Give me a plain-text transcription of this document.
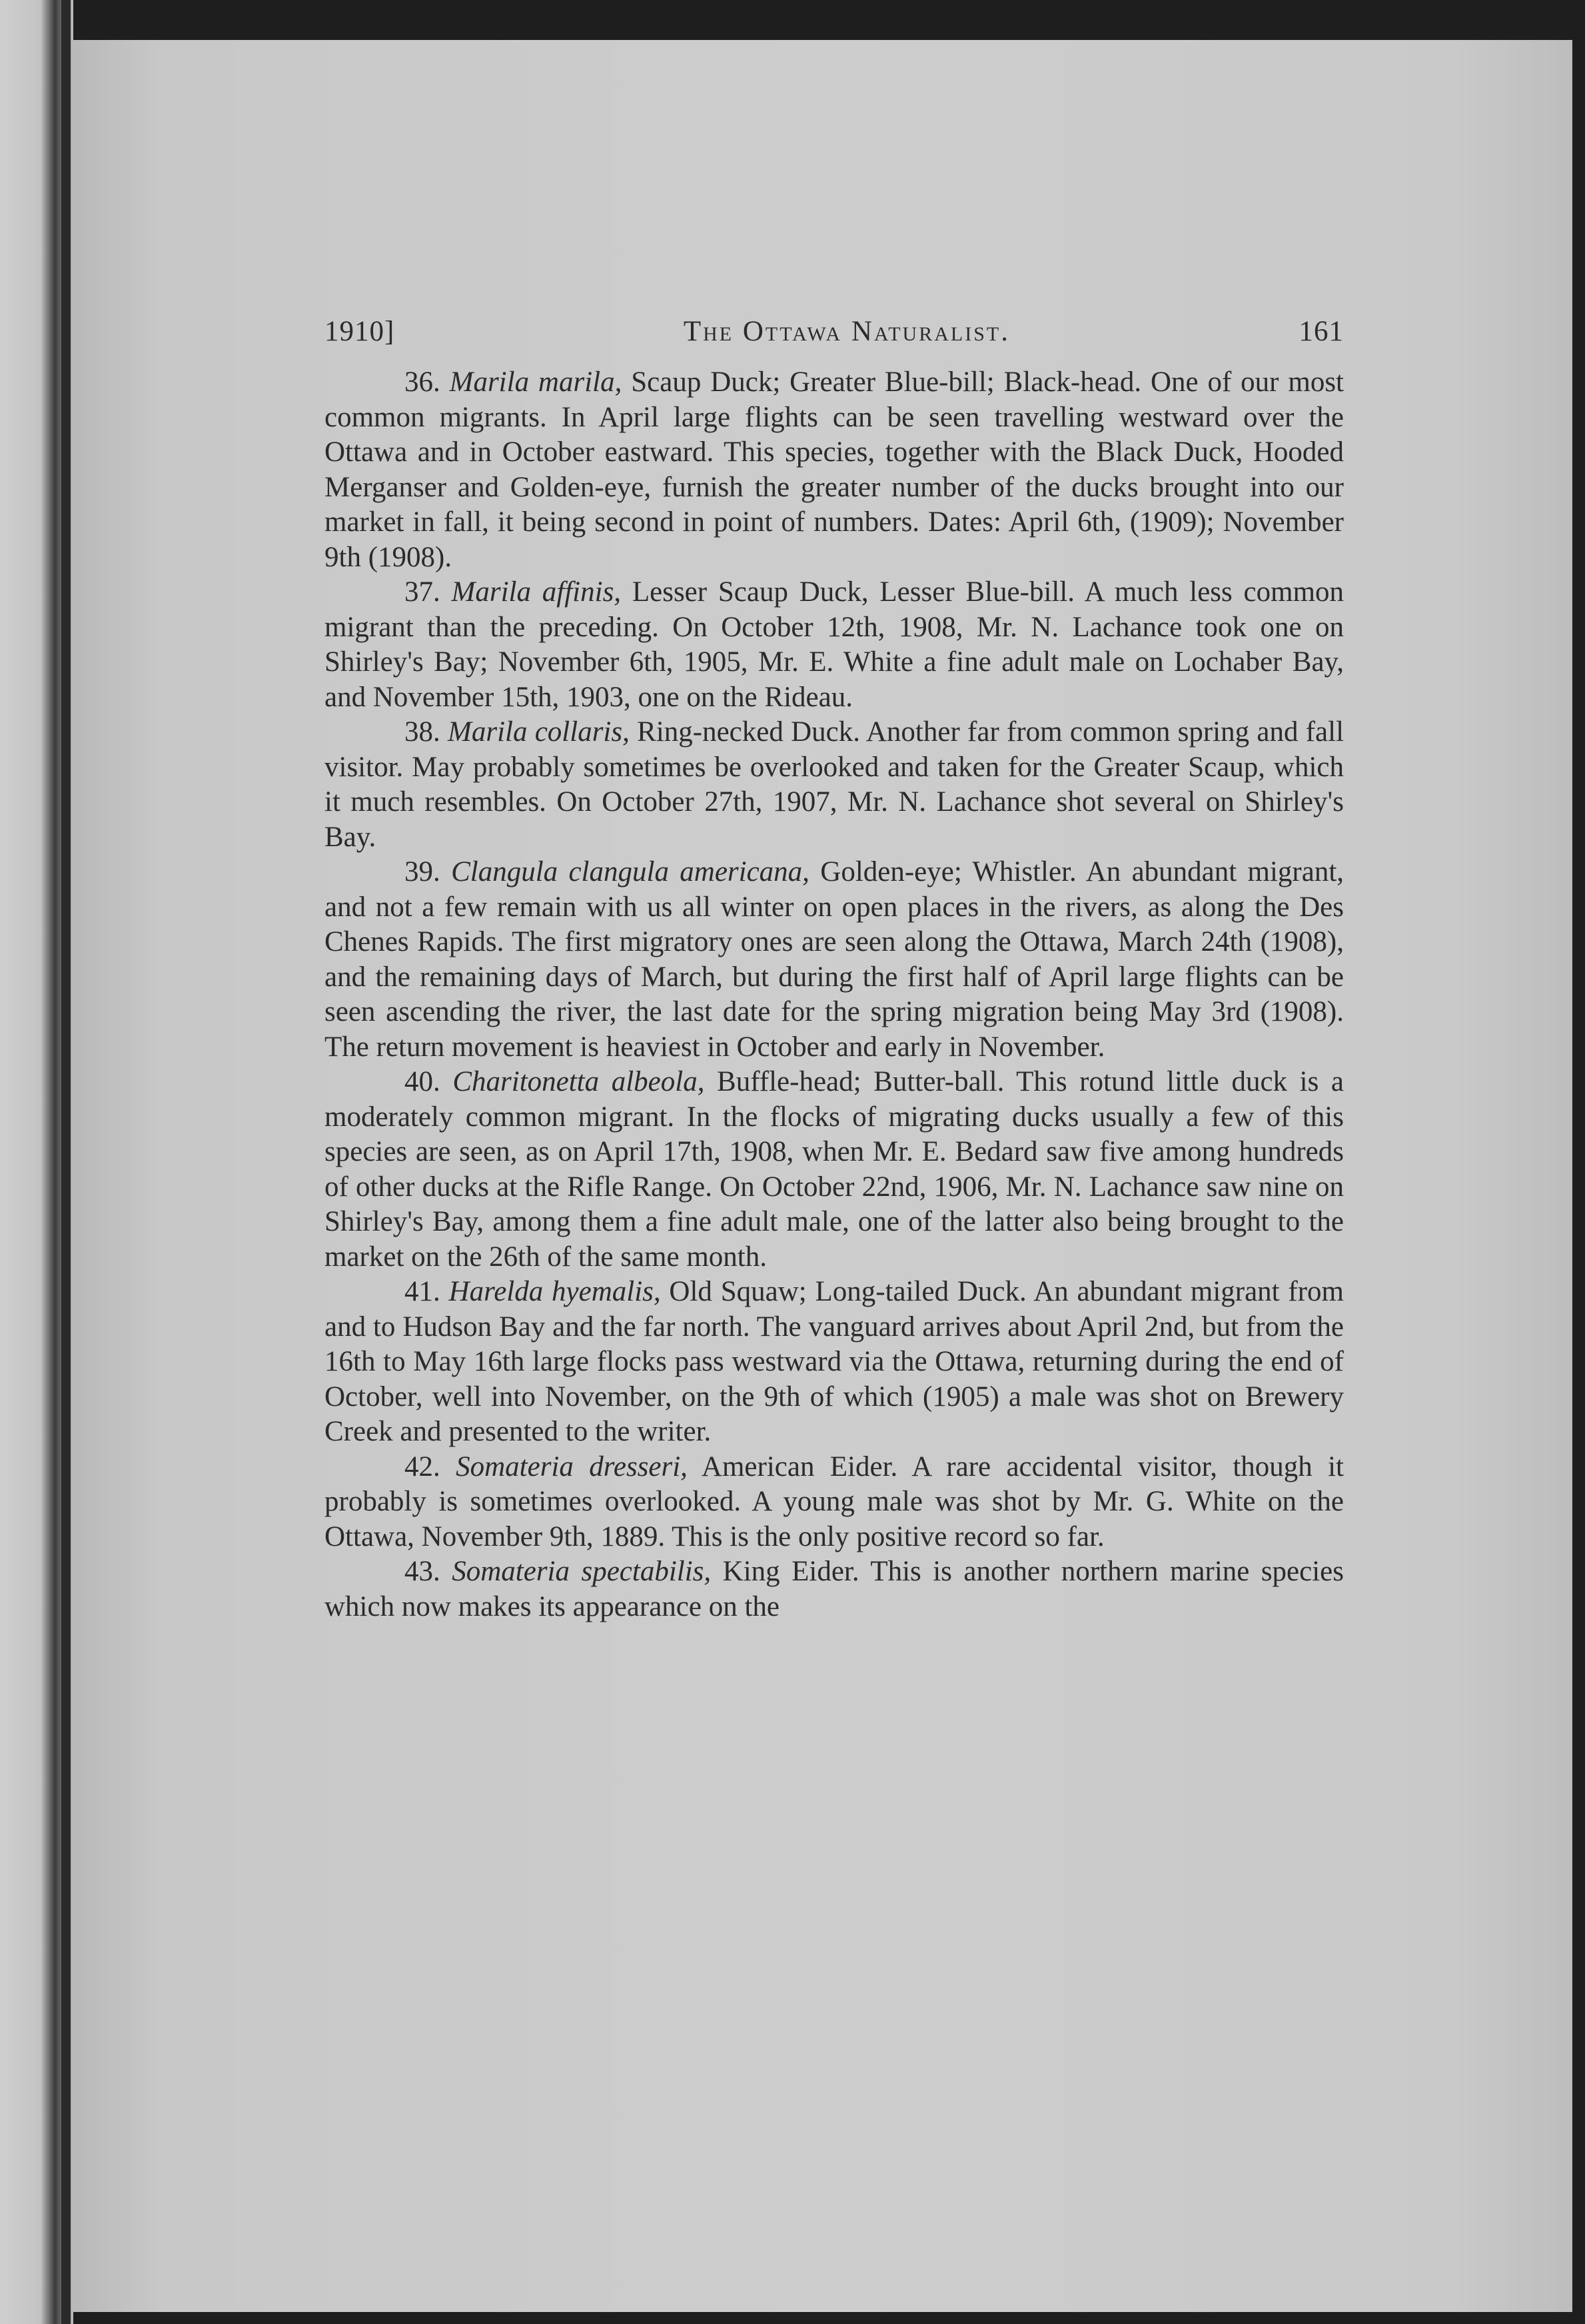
1910]	The Ottawa Naturalist.	161

36. Marila marila, Scaup Duck; Greater Blue-bill; Black-head. One of our most common migrants. In April large flights can be seen travelling westward over the Ottawa and in October eastward. This species, together with the Black Duck, Hooded Merganser and Golden-eye, furnish the greater number of the ducks brought into our market in fall, it being second in point of numbers. Dates: April 6th, (1909); November 9th (1908).

37. Marila affinis, Lesser Scaup Duck, Lesser Blue-bill. A much less common migrant than the preceding. On October 12th, 1908, Mr. N. Lachance took one on Shirley's Bay; November 6th, 1905, Mr. E. White a fine adult male on Lochaber Bay, and November 15th, 1903, one on the Rideau.

38. Marila collaris, Ring-necked Duck. Another far from common spring and fall visitor. May probably sometimes be overlooked and taken for the Greater Scaup, which it much resembles. On October 27th, 1907, Mr. N. Lachance shot several on Shirley's Bay.

39. Clangula clangula americana, Golden-eye; Whistler. An abundant migrant, and not a few remain with us all winter on open places in the rivers, as along the Des Chenes Rapids. The first migratory ones are seen along the Ottawa, March 24th (1908), and the remaining days of March, but during the first half of April large flights can be seen ascending the river, the last date for the spring migration being May 3rd (1908). The return movement is heaviest in October and early in November.

40. Charitonetta albeola, Buffle-head; Butter-ball. This rotund little duck is a moderately common migrant. In the flocks of migrating ducks usually a few of this species are seen, as on April 17th, 1908, when Mr. E. Bedard saw five among hundreds of other ducks at the Rifle Range. On October 22nd, 1906, Mr. N. Lachance saw nine on Shirley's Bay, among them a fine adult male, one of the latter also being brought to the market on the 26th of the same month.

41. Harelda hyemalis, Old Squaw; Long-tailed Duck. An abundant migrant from and to Hudson Bay and the far north. The vanguard arrives about April 2nd, but from the 16th to May 16th large flocks pass westward via the Ottawa, returning during the end of October, well into November, on the 9th of which (1905) a male was shot on Brewery Creek and presented to the writer.

42. Somateria dresseri, American Eider. A rare accidental visitor, though it probably is sometimes overlooked. A young male was shot by Mr. G. White on the Ottawa, November 9th, 1889. This is the only positive record so far.

43. Somateria spectabilis, King Eider. This is another northern marine species which now makes its appearance on the
